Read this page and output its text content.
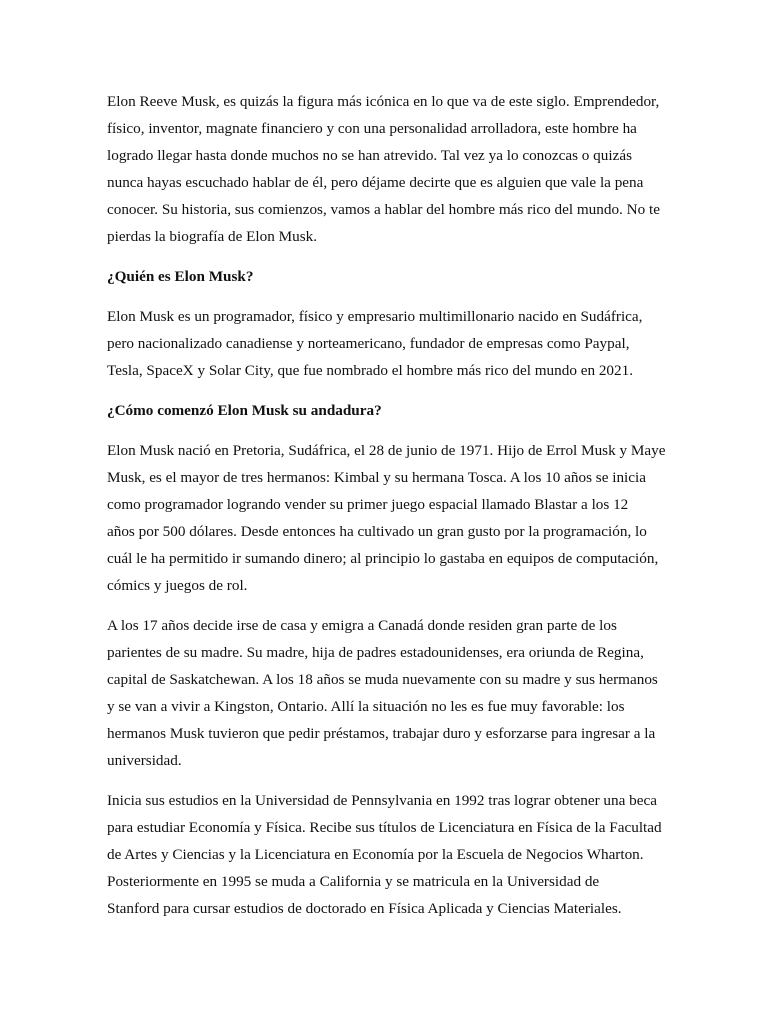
Elon Reeve Musk, es quizás la figura más icónica en lo que va de este siglo. Emprendedor,
físico, inventor, magnate financiero y con una personalidad arrolladora, este hombre ha
logrado llegar hasta donde muchos no se han atrevido. Tal vez ya lo conozcas o quizás
nunca hayas escuchado hablar de él, pero déjame decirte que es alguien que vale la pena
conocer. Su historia, sus comienzos, vamos a hablar del hombre más rico del mundo. No te
pierdas la biografía de Elon Musk.

¿Quién es Elon Musk?

Elon Musk es un programador, físico y empresario multimillonario nacido en Sudáfrica,
pero nacionalizado canadiense y norteamericano, fundador de empresas como Paypal,
Tesla, SpaceX y Solar City, que fue nombrado el hombre más rico del mundo en 2021.

¿Cómo comenzó Elon Musk su andadura?

Elon Musk nació en Pretoria, Sudáfrica, el 28 de junio de 1971. Hijo de Errol Musk y Maye
Musk, es el mayor de tres hermanos: Kimbal y su hermana Tosca. A los 10 años se inicia
como programador logrando vender su primer juego espacial llamado Blastar a los 12
años por 500 dólares. Desde entonces ha cultivado un gran gusto por la programación, lo
cuál le ha permitido ir sumando dinero; al principio lo gastaba en equipos de computación,
cómics y juegos de rol.

A los 17 años decide irse de casa y emigra a Canadá donde residen gran parte de los
parientes de su madre. Su madre, hija de padres estadounidenses, era oriunda de Regina,
capital de Saskatchewan. A los 18 años se muda nuevamente con su madre y sus hermanos
y se van a vivir a Kingston, Ontario. Allí la situación no les es fue muy favorable: los
hermanos Musk tuvieron que pedir préstamos, trabajar duro y esforzarse para ingresar a la
universidad.

Inicia sus estudios en la Universidad de Pennsylvania en 1992 tras lograr obtener una beca
para estudiar Economía y Física. Recibe sus títulos de Licenciatura en Física de la Facultad
de Artes y Ciencias y la Licenciatura en Economía por la Escuela de Negocios Wharton.
Posteriormente en 1995 se muda a California y se matricula en la Universidad de
Stanford para cursar estudios de doctorado en Física Aplicada y Ciencias Materiales.
